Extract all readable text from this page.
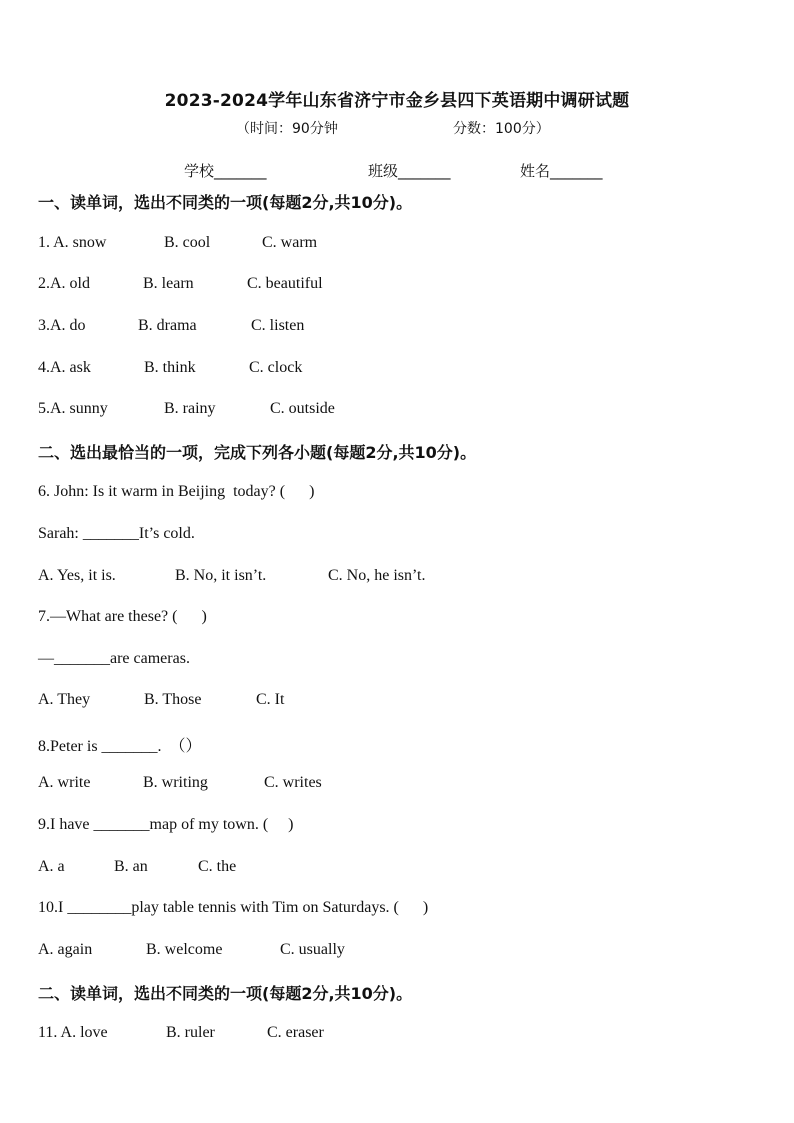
2023-2024学年山东省济宁市金乡县四下英语期中调研试题
（时间：90分钟	分数：100分）
学校_______	班级_______	姓名_______
一、读单词，选出不同类的一项(每题2分,共10分)。
1. A. snow	B. cool	C. warm
2.A. old	B. learn	C. beautiful
3.A. do	B. drama	C. listen
4.A. ask	B. think	C. clock
5.A. sunny	B. rainy	C. outside
二、选出最恰当的一项，完成下列各小题(每题2分,共10分)。
6. John: Is it warm in Beijing  today? (      )
Sarah: _______It’s cold.
A. Yes, it is.	B. No, it isn’t.	C. No, he isn’t.
7.—What are these? (      )
—_______are cameras.
A. They	B. Those	C. It
8.Peter is _______.  （）
A. write	B. writing	C. writes
9.I have _______map of my town. (     )
A. a	B. an	C. the
10.I ________play table tennis with Tim on Saturdays. (      )
A. again	B. welcome	C. usually
二、读单词，选出不同类的一项(每题2分,共10分)。
11. A. love	B. ruler	C. eraser
